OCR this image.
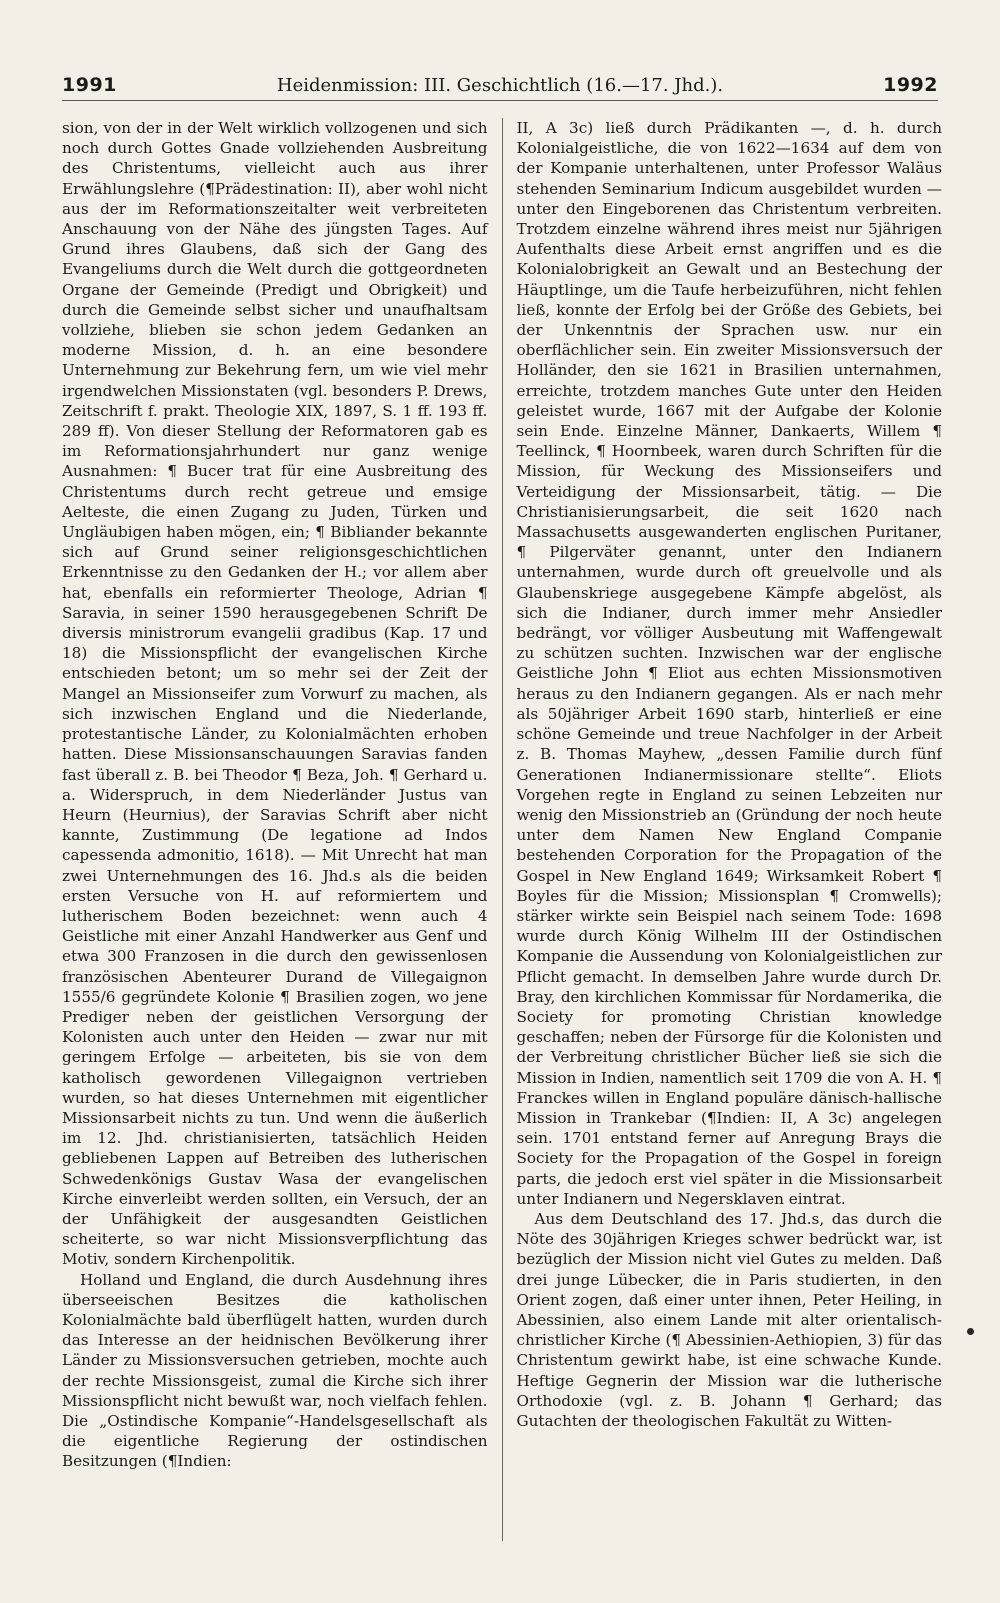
1991	Heidenmission: III. Geschichtlich (16.—17. Jhd.).	1992

sion, von der in der Welt wirklich vollzogenen und sich noch durch Gottes Gnade vollziehenden Ausbreitung des Christentums, vielleicht auch aus ihrer Erwählungslehre (¶Prädestination: II), aber wohl nicht aus der im Reformationszeitalter weit verbreiteten Anschauung von der Nähe des jüngsten Tages. Auf Grund ihres Glaubens, daß sich der Gang des Evangeliums durch die Welt durch die gottgeordneten Organe der Gemeinde (Predigt und Obrigkeit) und durch die Gemeinde selbst sicher und unaufhaltsam vollziehe, blieben sie schon jedem Gedanken an moderne Mission, d. h. an eine besondere Unternehmung zur Bekehrung fern, um wie viel mehr irgendwelchen Missionstaten (vgl. besonders P. Drews, Zeitschrift f. prakt. Theologie XIX, 1897, S. 1 ff. 193 ff. 289 ff). Von dieser Stellung der Reformatoren gab es im Reformationsjahrhundert nur ganz wenige Ausnahmen: ¶ Bucer trat für eine Ausbreitung des Christentums durch recht getreue und emsige Aelteste, die einen Zugang zu Juden, Türken und Ungläubigen haben mögen, ein; ¶ Bibliander bekannte sich auf Grund seiner religionsgeschichtlichen Erkenntnisse zu den Gedanken der H.; vor allem aber hat, ebenfalls ein reformierter Theologe, Adrian ¶ Saravia, in seiner 1590 herausgegebenen Schrift De diversis ministrorum evangelii gradibus (Kap. 17 und 18) die Missionspflicht der evangelischen Kirche entschieden betont; um so mehr sei der Zeit der Mangel an Missionseifer zum Vorwurf zu machen, als sich inzwischen England und die Niederlande, protestantische Länder, zu Kolonialmächten erhoben hatten. Diese Missionsanschauungen Saravias fanden fast überall z. B. bei Theodor ¶ Beza, Joh. ¶ Gerhard u. a. Widerspruch, in dem Niederländer Justus van Heurn (Heurnius), der Saravias Schrift aber nicht kannte, Zustimmung (De legatione ad Indos capessenda admonitio, 1618). — Mit Unrecht hat man zwei Unternehmungen des 16. Jhd.s als die beiden ersten Versuche von H. auf reformiertem und lutherischem Boden bezeichnet: wenn auch 4 Geistliche mit einer Anzahl Handwerker aus Genf und etwa 300 Franzosen in die durch den gewissenlosen französischen Abenteurer Durand de Villegaignon 1555/6 gegründete Kolonie ¶ Brasilien zogen, wo jene Prediger neben der geistlichen Versorgung der Kolonisten auch unter den Heiden — zwar nur mit geringem Erfolge — arbeiteten, bis sie von dem katholisch gewordenen Villegaignon vertrieben wurden, so hat dieses Unternehmen mit eigentlicher Missionsarbeit nichts zu tun. Und wenn die äußerlich im 12. Jhd. christianisierten, tatsächlich Heiden gebliebenen Lappen auf Betreiben des lutherischen Schwedenkönigs Gustav Wasa der evangelischen Kirche einverleibt werden sollten, ein Versuch, der an der Unfähigkeit der ausgesandten Geistlichen scheiterte, so war nicht Missionsverpflichtung das Motiv, sondern Kirchenpolitik.

Holland und England, die durch Ausdehnung ihres überseeischen Besitzes die katholischen Kolonialmächte bald überflügelt hatten, wurden durch das Interesse an der heidnischen Bevölkerung ihrer Länder zu Missionsversuchen getrieben, mochte auch der rechte Missionsgeist, zumal die Kirche sich ihrer Missionspflicht nicht bewußt war, noch vielfach fehlen. Die „Ostindische Kompanie“-Handelsgesellschaft als die eigentliche Regierung der ostindischen Besitzungen (¶Indien:

II, A 3c) ließ durch Prädikanten —, d. h. durch Kolonialgeistliche, die von 1622—1634 auf dem von der Kompanie unterhaltenen, unter Professor Waläus stehenden Seminarium Indicum ausgebildet wurden — unter den Eingeborenen das Christentum verbreiten. Trotzdem einzelne während ihres meist nur 5jährigen Aufenthalts diese Arbeit ernst angriffen und es die Kolonialobrigkeit an Gewalt und an Bestechung der Häuptlinge, um die Taufe herbeizuführen, nicht fehlen ließ, konnte der Erfolg bei der Größe des Gebiets, bei der Unkenntnis der Sprachen usw. nur ein oberflächlicher sein. Ein zweiter Missionsversuch der Holländer, den sie 1621 in Brasilien unternahmen, erreichte, trotzdem manches Gute unter den Heiden geleistet wurde, 1667 mit der Aufgabe der Kolonie sein Ende. Einzelne Männer, Dankaerts, Willem ¶ Teellinck, ¶ Hoornbeek, waren durch Schriften für die Mission, für Weckung des Missionseifers und Verteidigung der Missionsarbeit, tätig. — Die Christianisierungsarbeit, die seit 1620 nach Massachusetts ausgewanderten englischen Puritaner, ¶ Pilgerväter genannt, unter den Indianern unternahmen, wurde durch oft greuelvolle und als Glaubenskriege ausgegebene Kämpfe abgelöst, als sich die Indianer, durch immer mehr Ansiedler bedrängt, vor völliger Ausbeutung mit Waffengewalt zu schützen suchten. Inzwischen war der englische Geistliche John ¶ Eliot aus echten Missionsmotiven heraus zu den Indianern gegangen. Als er nach mehr als 50jähriger Arbeit 1690 starb, hinterließ er eine schöne Gemeinde und treue Nachfolger in der Arbeit z. B. Thomas Mayhew, „dessen Familie durch fünf Generationen Indianermissionare stellte“. Eliots Vorgehen regte in England zu seinen Lebzeiten nur wenig den Missionstrieb an (Gründung der noch heute unter dem Namen New England Companie bestehenden Corporation for the Propagation of the Gospel in New England 1649; Wirksamkeit Robert ¶ Boyles für die Mission; Missionsplan ¶ Cromwells); stärker wirkte sein Beispiel nach seinem Tode: 1698 wurde durch König Wilhelm III der Ostindischen Kompanie die Aussendung von Kolonialgeistlichen zur Pflicht gemacht. In demselben Jahre wurde durch Dr. Bray, den kirchlichen Kommissar für Nordamerika, die Society for promoting Christian knowledge geschaffen; neben der Fürsorge für die Kolonisten und der Verbreitung christlicher Bücher ließ sie sich die Mission in Indien, namentlich seit 1709 die von A. H. ¶ Franckes willen in England populäre dänisch-hallische Mission in Trankebar (¶Indien: II, A 3c) angelegen sein. 1701 entstand ferner auf Anregung Brays die Society for the Propagation of the Gospel in foreign parts, die jedoch erst viel später in die Missionsarbeit unter Indianern und Negersklaven eintrat.

Aus dem Deutschland des 17. Jhd.s, das durch die Nöte des 30jährigen Krieges schwer bedrückt war, ist bezüglich der Mission nicht viel Gutes zu melden. Daß drei junge Lübecker, die in Paris studierten, in den Orient zogen, daß einer unter ihnen, Peter Heiling, in Abessinien, also einem Lande mit alter orientalisch-christlicher Kirche (¶ Abessinien-Aethiopien, 3) für das Christentum gewirkt habe, ist eine schwache Kunde. Heftige Gegnerin der Mission war die lutherische Orthodoxie (vgl. z. B. Johann ¶ Gerhard; das Gutachten der theologischen Fakultät zu Witten-
